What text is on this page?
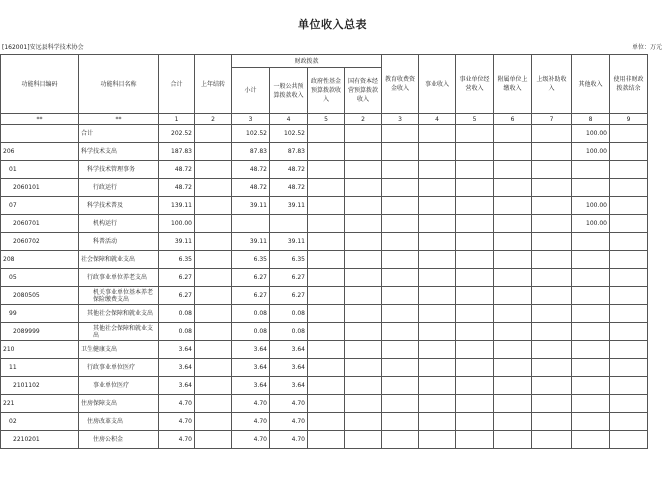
单位收入总表
[162001]安远县科学技术协会	单位：万元
功能科目编码	功能科目名称	合计	上年结转	财政拨款				教育收费资金收入	事业收入	事业单位经营收入	附属单位上缴收入	上级补助收入	其他收入	使用非财政拨款结余
				小计	一般公共预算拨款收入	政府性基金预算拨款收入	国有资本经营预算拨款收入							
**	**	1	2	3	4	5	2	3	4	5	6	7	8	9
	合计	202.52		102.52	102.52								100.00	
206	科学技术支出	187.83		87.83	87.83								100.00	
01	科学技术管理事务	48.72		48.72	48.72									
2060101	行政运行	48.72		48.72	48.72									
07	科学技术普及	139.11		39.11	39.11								100.00	
2060701	机构运行	100.00											100.00	
2060702	科普活动	39.11		39.11	39.11									
208	社会保障和就业支出	6.35		6.35	6.35									
05	行政事业单位养老支出	6.27		6.27	6.27									
2080505	机关事业单位基本养老保险缴费支出	6.27		6.27	6.27									
99	其他社会保障和就业支出	0.08		0.08	0.08									
2089999	其他社会保障和就业支出	0.08		0.08	0.08									
210	卫生健康支出	3.64		3.64	3.64									
11	行政事业单位医疗	3.64		3.64	3.64									
2101102	事业单位医疗	3.64		3.64	3.64									
221	住房保障支出	4.70		4.70	4.70									
02	住房改革支出	4.70		4.70	4.70									
2210201	住房公积金	4.70		4.70	4.70									
